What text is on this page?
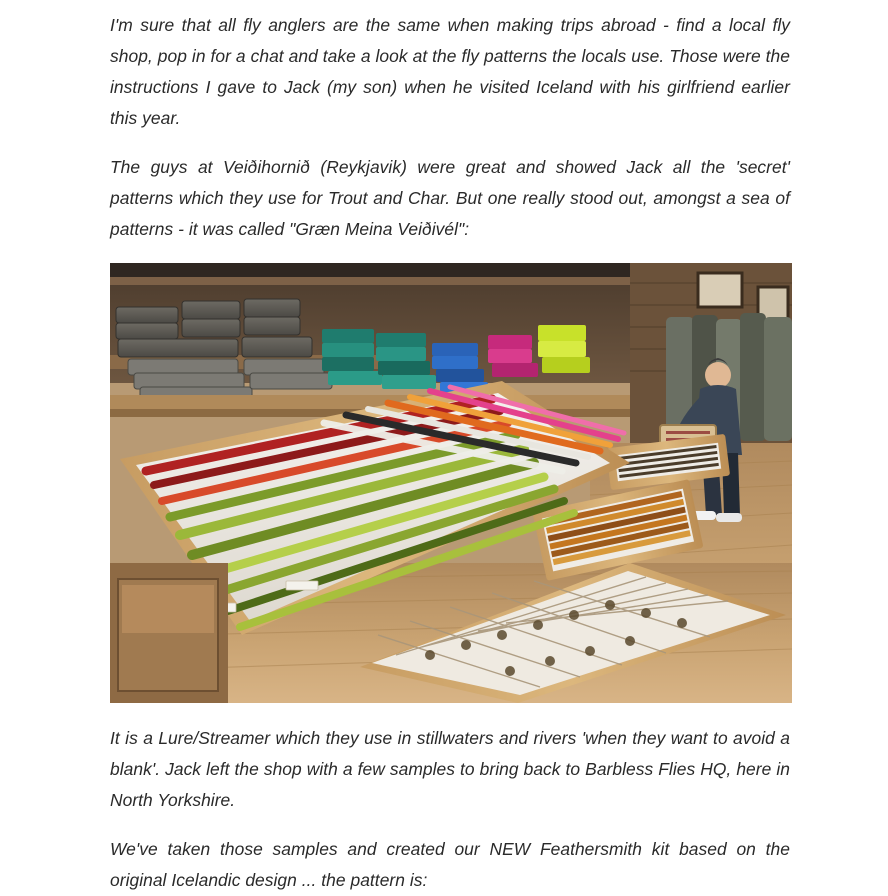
I'm sure that all fly anglers are the same when making trips abroad - find a local fly shop, pop in for a chat and take a look at the fly patterns the locals use. Those were the instructions I gave to Jack (my son) when he visited Iceland with his girlfriend earlier this year.

The guys at Veiðihornið (Reykjavik) were great and showed Jack all the 'secret' patterns which they use for Trout and Char. But one really stood out, amongst a sea of patterns - it was called "Græn Meina Veiðivél":

It is a Lure/Streamer which they use in stillwaters and rivers 'when they want to avoid a blank'. Jack left the shop with a few samples to bring back to Barbless Flies HQ, here in North Yorkshire.

We've taken those samples and created our NEW Feathersmith kit based on the original Icelandic design ... the pattern is:
